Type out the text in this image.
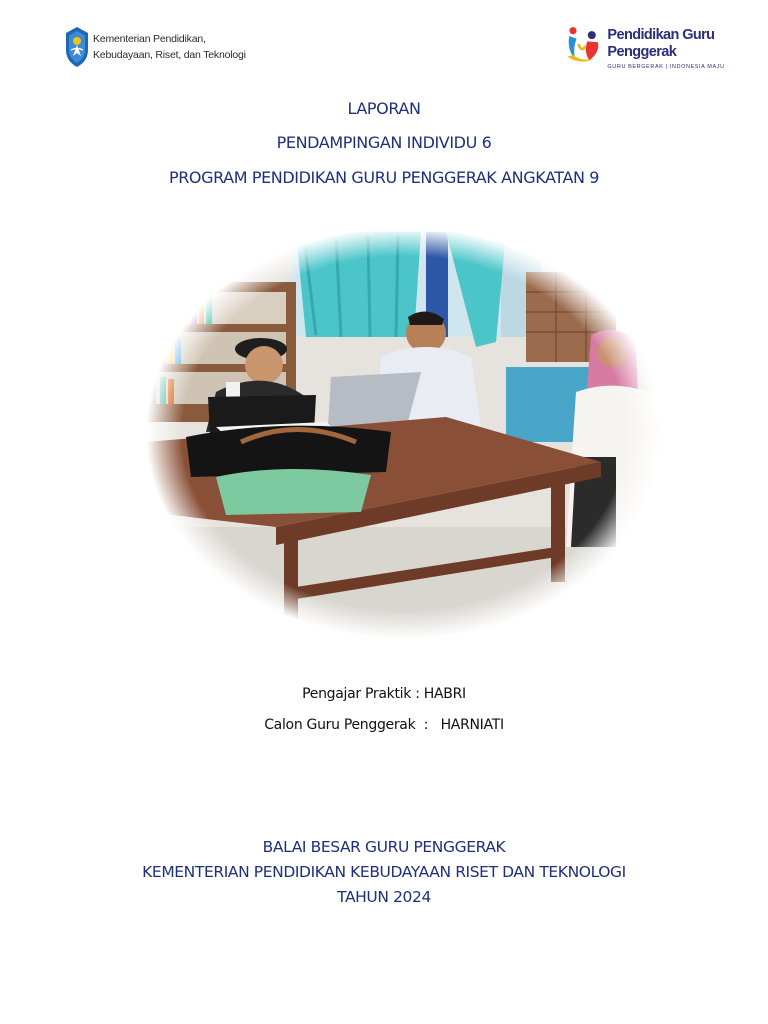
Kementerian Pendidikan,
Kebudayaan, Riset, dan Teknologi
Pendidikan Guru Penggerak
GURU BERGERAK | INDONESIA MAJU
LAPORAN
PENDAMPINGAN INDIVIDU 6
PROGRAM PENDIDIKAN GURU PENGGERAK ANGKATAN 9
Pengajar Praktik : HABRI
Calon Guru Penggerak  :   HARNIATI
BALAI BESAR GURU PENGGERAK
KEMENTERIAN PENDIDIKAN KEBUDAYAAN RISET DAN TEKNOLOGI
TAHUN 2024
